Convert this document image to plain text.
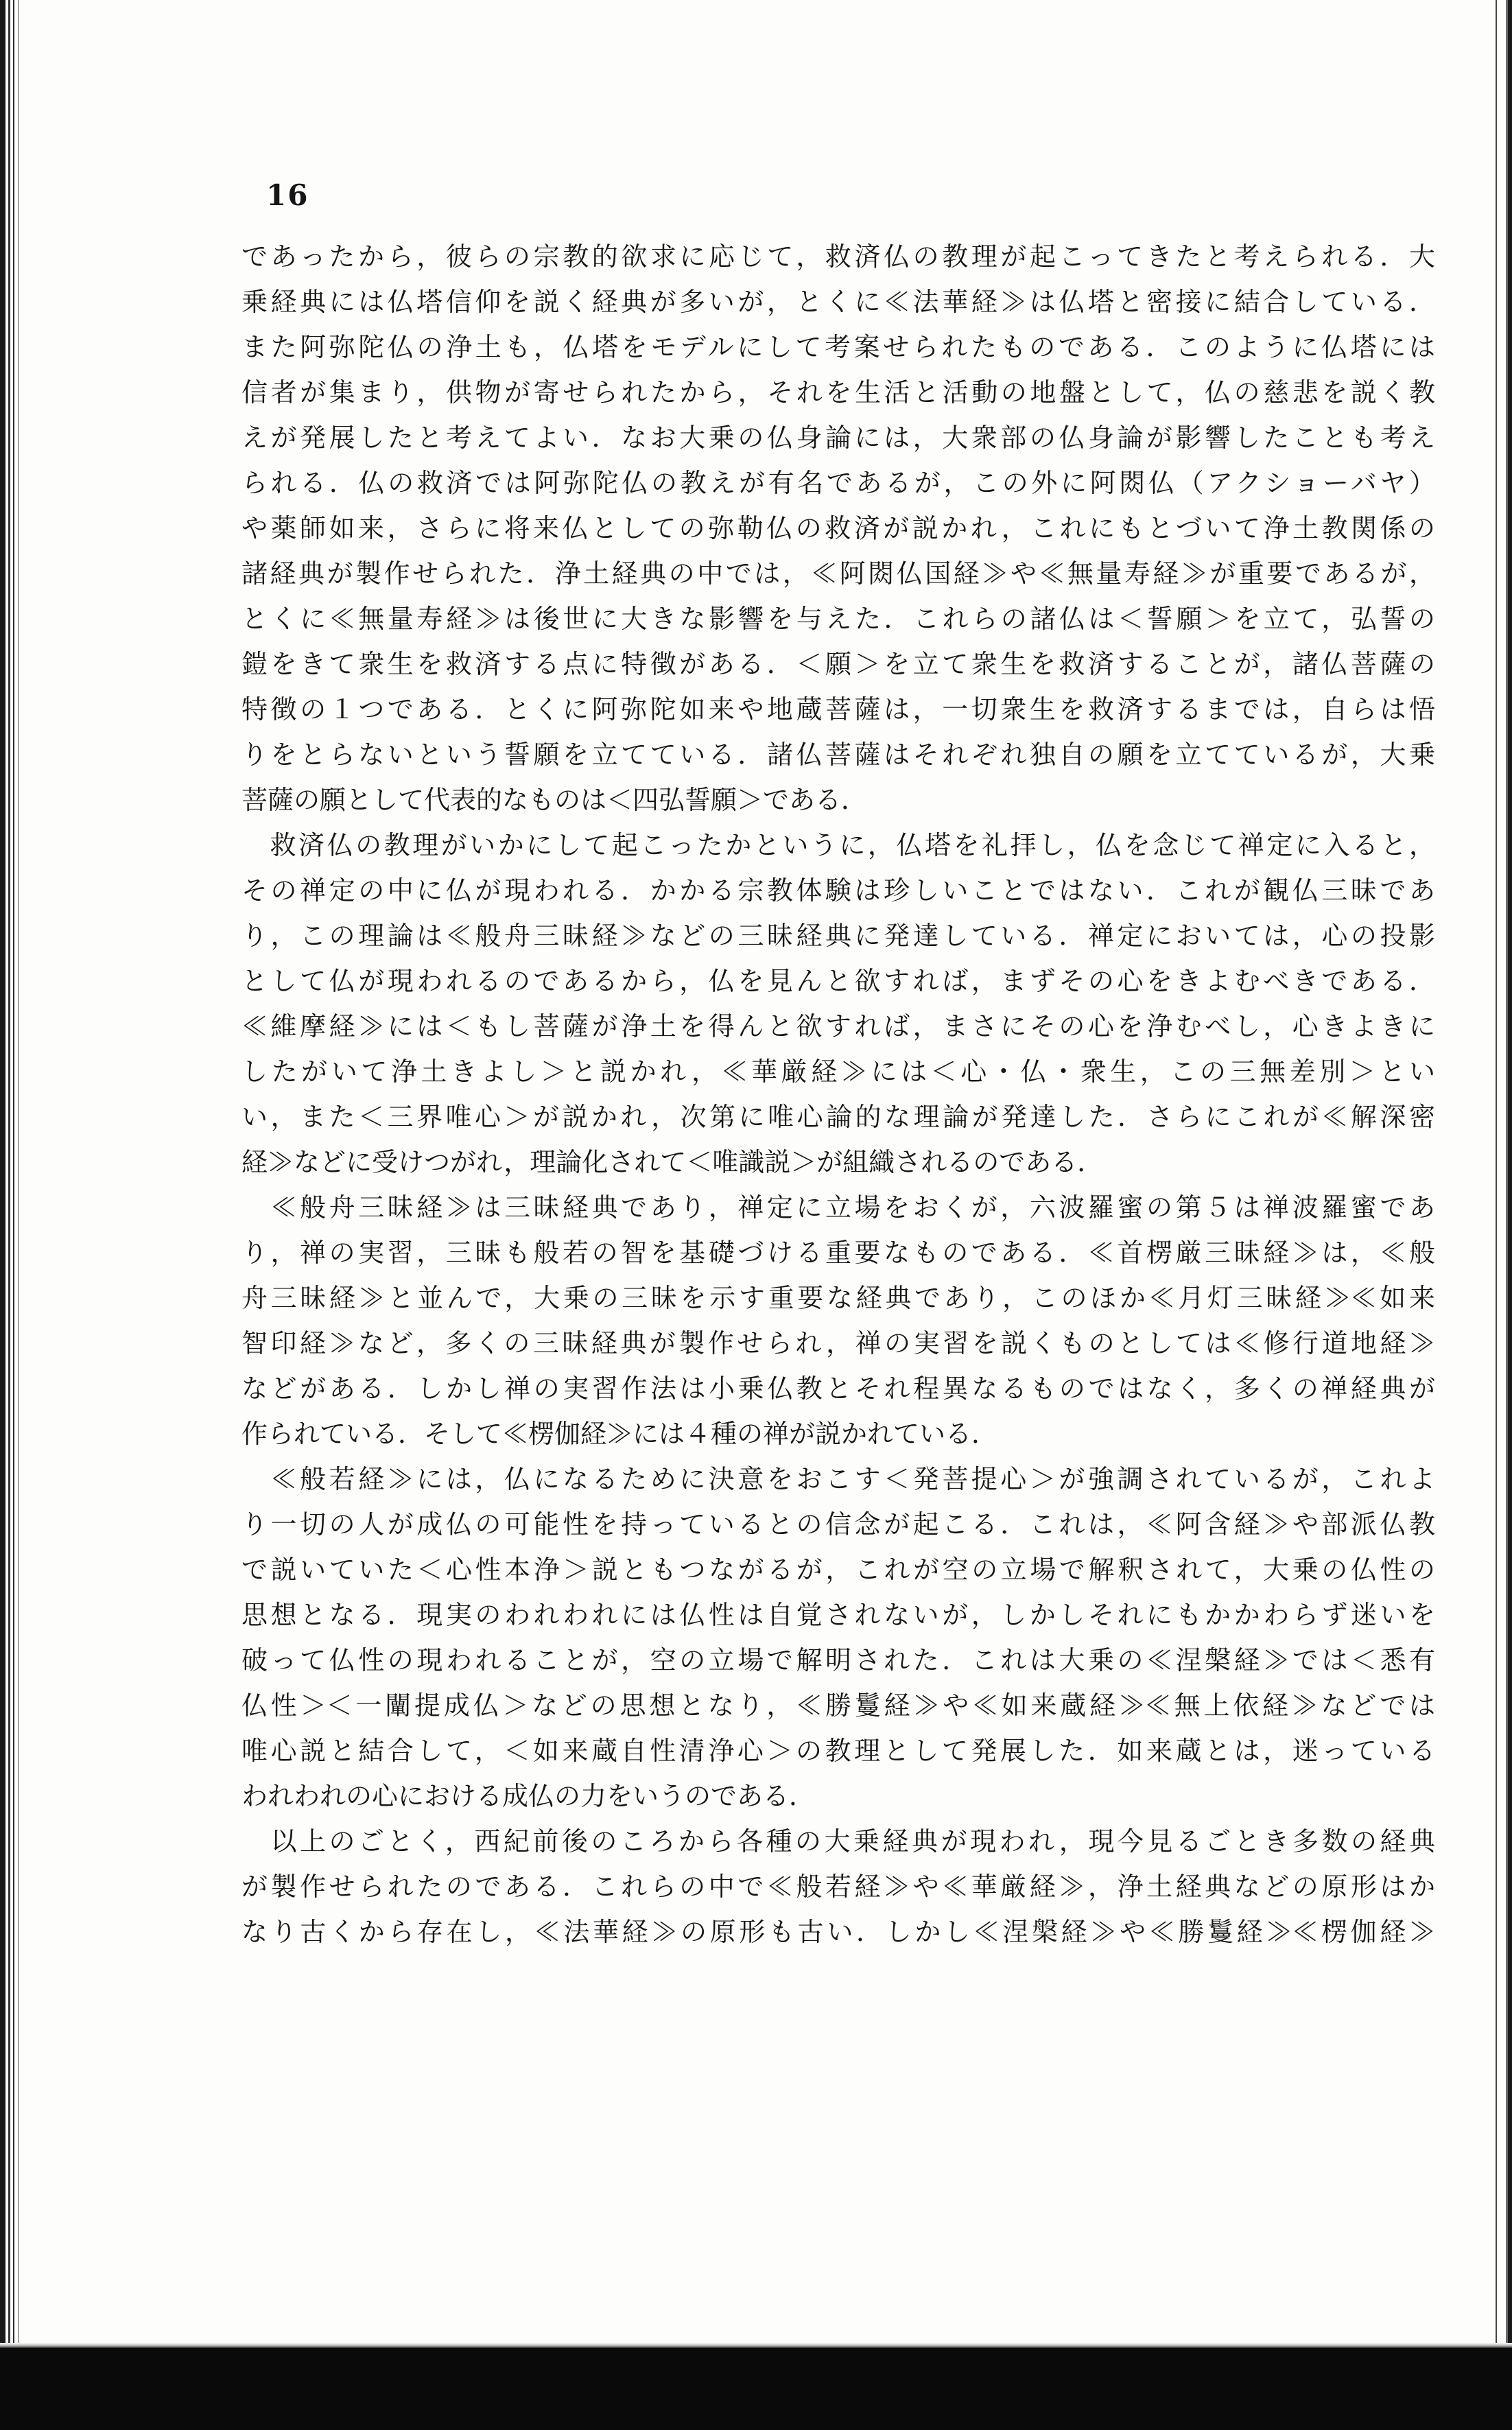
16
であったから，彼らの宗教的欲求に応じて，救済仏の教理が起こってきたと考えられる．大
乗経典には仏塔信仰を説く経典が多いが，とくに≪法華経≫は仏塔と密接に結合している．
また阿弥陀仏の浄土も，仏塔をモデルにして考案せられたものである．このように仏塔には
信者が集まり，供物が寄せられたから，それを生活と活動の地盤として，仏の慈悲を説く教
えが発展したと考えてよい．なお大乗の仏身論には，大衆部の仏身論が影響したことも考え
られる．仏の救済では阿弥陀仏の教えが有名であるが，この外に阿閦仏（アクショーバヤ）
や薬師如来，さらに将来仏としての弥勒仏の救済が説かれ，これにもとづいて浄土教関係の
諸経典が製作せられた．浄土経典の中では，≪阿閦仏国経≫や≪無量寿経≫が重要であるが，
とくに≪無量寿経≫は後世に大きな影響を与えた．これらの諸仏は＜誓願＞を立て，弘誓の
鎧をきて衆生を救済する点に特徴がある．＜願＞を立て衆生を救済することが，諸仏菩薩の
特徴の１つである．とくに阿弥陀如来や地蔵菩薩は，一切衆生を救済するまでは，自らは悟
りをとらないという誓願を立てている．諸仏菩薩はそれぞれ独自の願を立てているが，大乗
菩薩の願として代表的なものは＜四弘誓願＞である．
　救済仏の教理がいかにして起こったかというに，仏塔を礼拝し，仏を念じて禅定に入ると，
その禅定の中に仏が現われる．かかる宗教体験は珍しいことではない．これが観仏三昧であ
り，この理論は≪般舟三昧経≫などの三昧経典に発達している．禅定においては，心の投影
として仏が現われるのであるから，仏を見んと欲すれば，まずその心をきよむべきである．
≪維摩経≫には＜もし菩薩が浄土を得んと欲すれば，まさにその心を浄むべし，心きよきに
したがいて浄土きよし＞と説かれ，≪華厳経≫には＜心・仏・衆生，この三無差別＞とい
い，また＜三界唯心＞が説かれ，次第に唯心論的な理論が発達した．さらにこれが≪解深密
経≫などに受けつがれ，理論化されて＜唯識説＞が組織されるのである．
　≪般舟三昧経≫は三昧経典であり，禅定に立場をおくが，六波羅蜜の第５は禅波羅蜜であ
り，禅の実習，三昧も般若の智を基礎づける重要なものである．≪首楞厳三昧経≫は，≪般
舟三昧経≫と並んで，大乗の三昧を示す重要な経典であり，このほか≪月灯三昧経≫≪如来
智印経≫など，多くの三昧経典が製作せられ，禅の実習を説くものとしては≪修行道地経≫
などがある．しかし禅の実習作法は小乗仏教とそれ程異なるものではなく，多くの禅経典が
作られている．そして≪楞伽経≫には４種の禅が説かれている．
　≪般若経≫には，仏になるために決意をおこす＜発菩提心＞が強調されているが，これよ
り一切の人が成仏の可能性を持っているとの信念が起こる．これは，≪阿含経≫や部派仏教
で説いていた＜心性本浄＞説ともつながるが，これが空の立場で解釈されて，大乗の仏性の
思想となる．現実のわれわれには仏性は自覚されないが，しかしそれにもかかわらず迷いを
破って仏性の現われることが，空の立場で解明された．これは大乗の≪涅槃経≫では＜悉有
仏性＞＜一闡提成仏＞などの思想となり，≪勝鬘経≫や≪如来蔵経≫≪無上依経≫などでは
唯心説と結合して，＜如来蔵自性清浄心＞の教理として発展した．如来蔵とは，迷っている
われわれの心における成仏の力をいうのである．
　以上のごとく，西紀前後のころから各種の大乗経典が現われ，現今見るごとき多数の経典
が製作せられたのである．これらの中で≪般若経≫や≪華厳経≫，浄土経典などの原形はか
なり古くから存在し，≪法華経≫の原形も古い．しかし≪涅槃経≫や≪勝鬘経≫≪楞伽経≫
